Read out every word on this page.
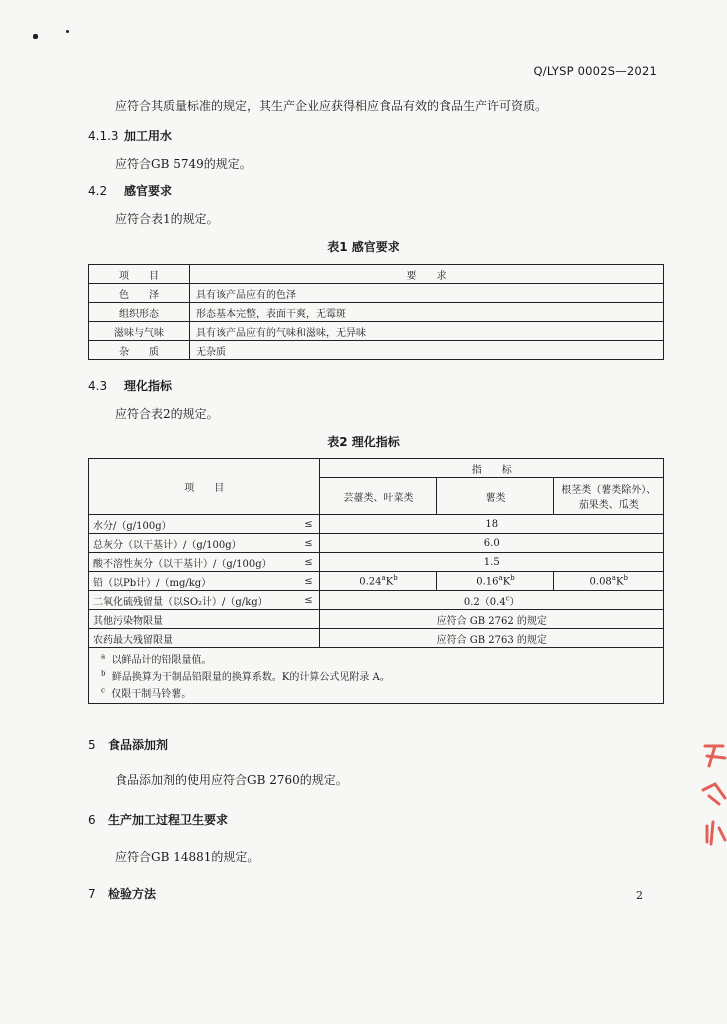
Q/LYSP 0002S—2021
应符合其质量标准的规定，其生产企业应获得相应食品有效的食品生产许可资质。
4.1.3 加工用水
应符合GB 5749的规定。
4.2 感官要求
应符合表1的规定。
表1 感官要求
项　　目	要　　求
色　　泽	具有该产品应有的色泽
组织形态	形态基本完整，表面干爽，无霉斑
滋味与气味	具有该产品应有的气味和滋味，无异味
杂　　质	无杂质
4.3 理化指标
应符合表2的规定。
表2 理化指标
项　　目		指　　标		
		芸薹类、叶菜类	薯类	根茎类（薯类除外）、
茄果类、瓜类

水分/（g/100g）	≤	18		
总灰分（以干基计）/（g/100g）	≤	6.0		
酸不溶性灰分（以干基计）/（g/100g）	≤	1.5		
铅（以Pb计）/（mg/kg）	≤	$0.24^aK^b$	$0.16^aK^b$	$0.08^aK^b$
二氧化硫残留量（以SO₂计）/（g/kg）	≤	0.2（0.4$^c$）		
其他污染物限量		应符合 GB 2762 的规定		
农药最大残留限量		应符合 GB 2763 的规定		
$^a$ 以鲜品计的铅限量值。				
$^b$ 鲜品换算为干制品铅限量的换算系数。K的计算公式见附录 A。				
$^c$ 仅限干制马铃薯。				
5 食品添加剂
食品添加剂的使用应符合GB 2760的规定。
6 生产加工过程卫生要求
应符合GB 14881的规定。
7 检验方法	2
